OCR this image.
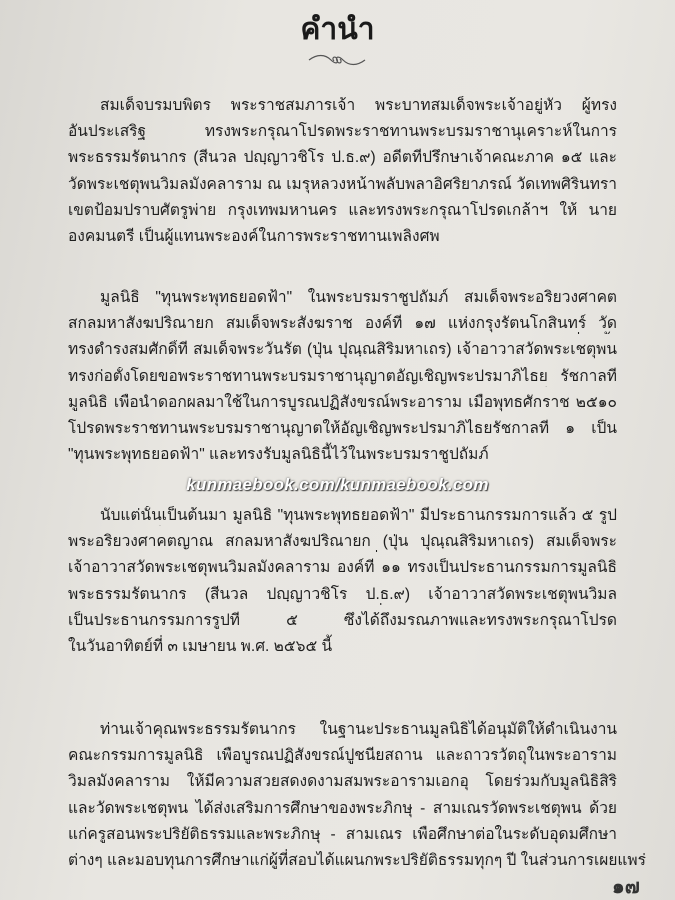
คำนำ
สมเด็จบรมบพิตร พระราชสมภารเจ้า พระบาทสมเด็จพระเจ้าอยู่หัว ผู้ทรง
อันประเสริฐ ทรงพระกรุณาโปรดพระราชทานพระบรมราชานุเคราะห์ในการ
พระธรรมรัตนากร (สีนวล ปญฺญาวชิโร ป.ธ.๙) อดีตที่ปรึกษาเจ้าคณะภาค ๑๕ และ
วัดพระเชตุพนวิมลมังคลาราม ณ เมรุหลวงหน้าพลับพลาอิศริยาภรณ์ วัดเทพศิรินทรา
เขตป้อมปราบศัตรูพ่าย กรุงเทพมหานคร และทรงพระกรุณาโปรดเกล้าฯ ให้ นาย
องคมนตรี เป็นผู้แทนพระองค์ในการพระราชทานเพลิงศพ
มูลนิธิ "ทุนพระพุทธยอดฟ้า" ในพระบรมราชูปถัมภ์ สมเด็จพระอริยวงศาคต
สกลมหาสังฆปริณายก สมเด็จพระสังฆราช องค์ที่ ๑๗ แห่งกรุงรัตนโกสินทร์ วัด
ทรงดำรงสมศักดิ์ที่ สมเด็จพระวันรัต (ปุ่น ปุณฺณสิริมหาเถร) เจ้าอาวาสวัดพระเชตุพน
ทรงก่อตั้งโดยขอพระราชทานพระบรมราชานุญาตอัญเชิญพระปรมาภิไธย รัชกาลที่
มูลนิธิ เพื่อนำดอกผลมาใช้ในการบูรณปฏิสังขรณ์พระอาราม เมื่อพุทธศักราช ๒๕๑๐
โปรดพระราชทานพระบรมราชานุญาตให้อัญเชิญพระปรมาภิไธยรัชกาลที่ ๑ เป็น
"ทุนพระพุทธยอดฟ้า" และทรงรับมูลนิธินี้ไว้ในพระบรมราชูปถัมภ์
นับแต่นั้นเป็นต้นมา มูลนิธิ "ทุนพระพุทธยอดฟ้า" มีประธานกรรมการแล้ว ๕ รูป
พระอริยวงศาคตญาณ สกลมหาสังฆปริณายก (ปุ่น ปุณฺณสิริมหาเถร) สมเด็จพระ
เจ้าอาวาสวัดพระเชตุพนวิมลมังคลาราม องค์ที่ ๑๑ ทรงเป็นประธานกรรมการมูลนิธิ
พระธรรมรัตนากร (สีนวล ปญฺญาวชิโร ป.ธ.๙) เจ้าอาวาสวัดพระเชตุพนวิมล
เป็นประธานกรรมการรูปที่ ๕ ซึ่งได้ถึงมรณภาพและทรงพระกรุณาโปรด
ในวันอาทิตย์ที่ ๓ เมษายน พ.ศ. ๒๕๖๕ นี้
ท่านเจ้าคุณพระธรรมรัตนากร ในฐานะประธานมูลนิธิได้อนุมัติให้ดำเนินงาน
คณะกรรมการมูลนิธิ เพื่อบูรณปฏิสังขรณ์ปูชนียสถาน และถาวรวัตถุในพระอาราม
วิมลมังคลาราม ให้มีความสวยสดงดงามสมพระอารามเอกอุ โดยร่วมกับมูลนิธิสิริ
และวัดพระเชตุพน ได้ส่งเสริมการศึกษาของพระภิกษุ - สามเณรวัดพระเชตุพน ด้วย
แก่ครูสอนพระปริยัติธรรมและพระภิกษุ - สามเณร เพื่อศึกษาต่อในระดับอุดมศึกษา
ต่างๆ และมอบทุนการศึกษาแก่ผู้ที่สอบได้แผนกพระปริยัติธรรมทุกๆ ปี ในส่วนการเผยแพร่
kunmaebook.com/kunmaebook.com
๑๗
